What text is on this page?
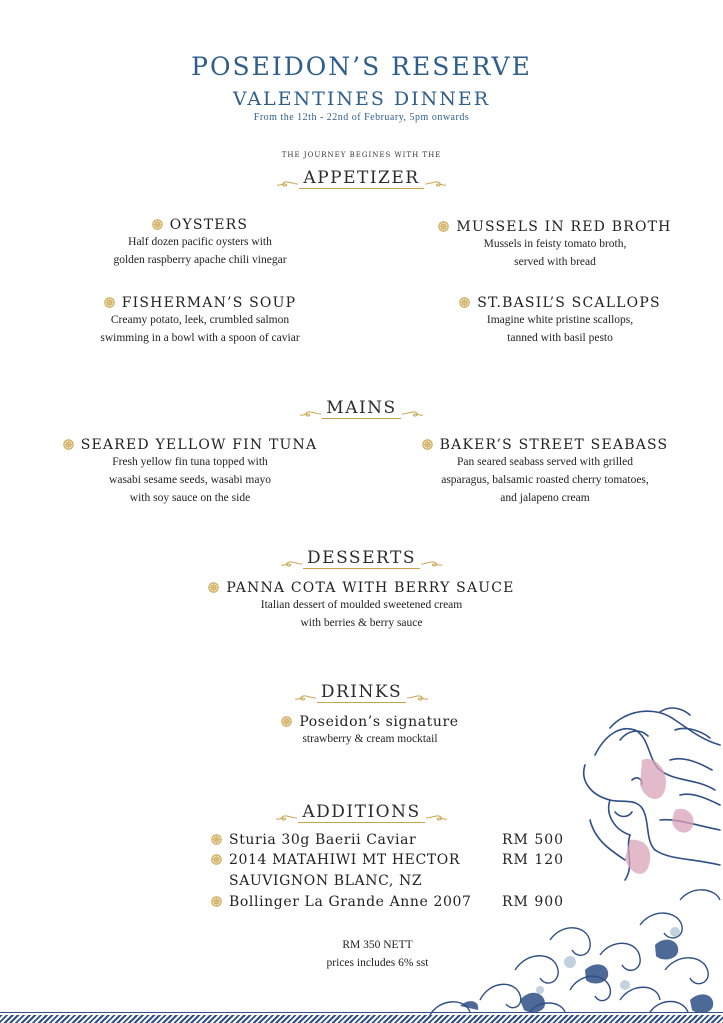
POSEIDON’S RESERVE
VALENTINES DINNER
From the 12th - 22nd of February, 5pm onwards
THE JOURNEY BEGINES WITH THE
APPETIZER
OYSTERS
Half dozen pacific oysters with
golden raspberry apache chili vinegar
MUSSELS IN RED BROTH
Mussels in feisty tomato broth,
served with bread
FISHERMAN’S SOUP
Creamy potato, leek, crumbled salmon
swimming in a bowl with a spoon of caviar
ST.BASIL’S SCALLOPS
Imagine white pristine scallops,
tanned with basil pesto
MAINS
SEARED YELLOW FIN TUNA
Fresh yellow fin tuna topped with
wasabi sesame seeds, wasabi mayo
with soy sauce on the side
BAKER’S STREET SEABASS
Pan seared seabass served with grilled
asparagus, balsamic roasted cherry tomatoes,
and jalapeno cream
DESSERTS
PANNA COTA WITH BERRY SAUCE
Italian dessert of moulded sweetened cream
with berries & berry sauce
DRINKS
Poseidon’s signature
strawberry & cream mocktail
ADDITIONS
Sturia 30g Baerii Caviar	RM 500
2014 MATAHIWI MT HECTOR
SAUVIGNON BLANC, NZ
RM 120
Bollinger La Grande Anne 2007 RM 900
RM 350 NETT
prices includes 6% sst
